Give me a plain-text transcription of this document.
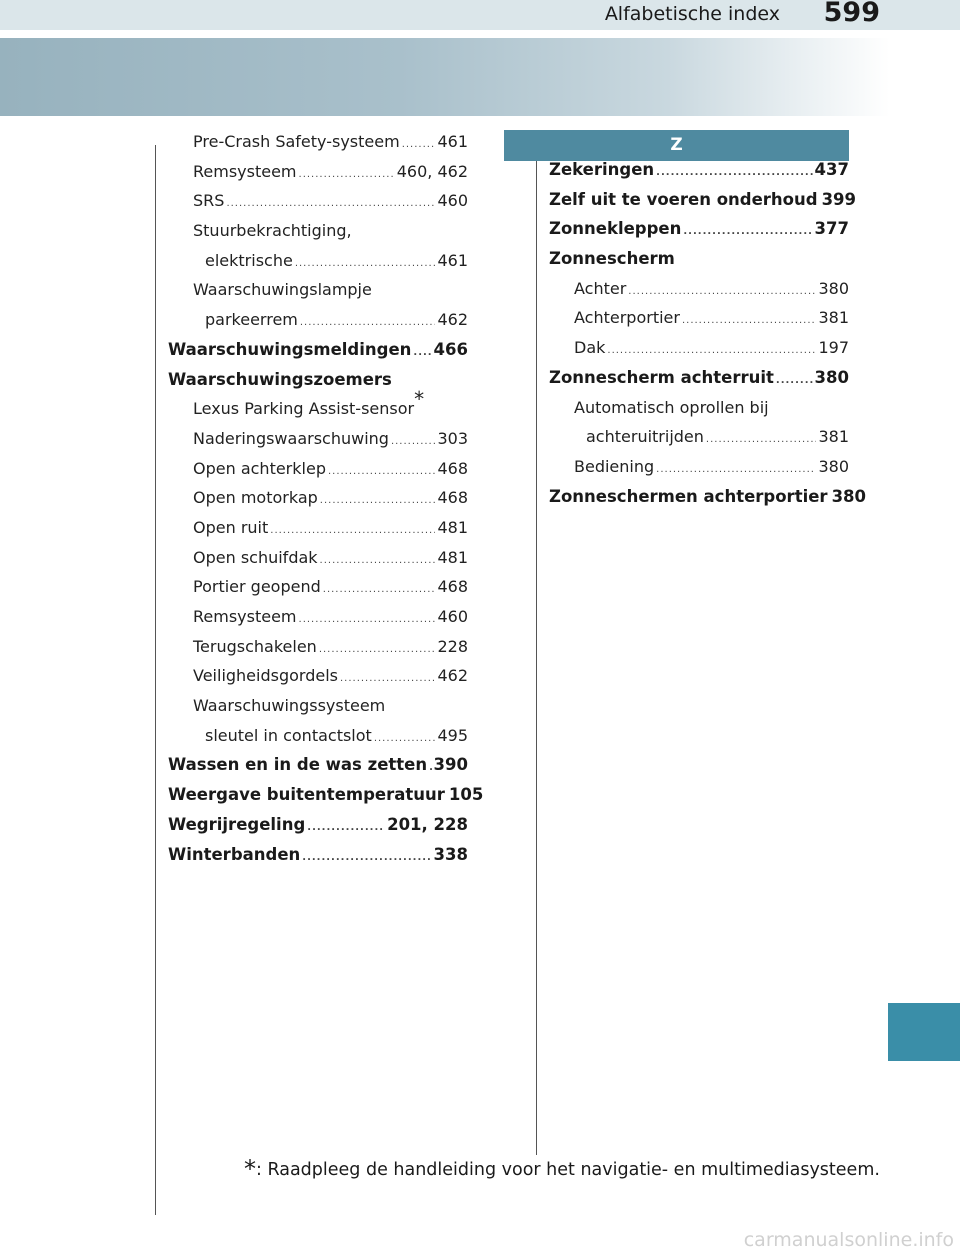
Alfabetische index 599
Z
Pre-Crash Safety-systeem ..... 461
Remsysteem .....	460, 462
SRS .....	460
Stuurbekrachtiging,
elektrische .....	461
Waarschuwingslampje
parkeerrem .....	462
Waarschuwingsmeldingen ..... 466
Waarschuwingszoemers
Lexus Parking Assist-sensor*
Naderingswaarschuwing .....	303
Open achterklep .....	468
Open motorkap .....	468
Open ruit .....	481
Open schuifdak .....	481
Portier geopend .....	468
Remsysteem .....	460
Terugschakelen .....	228
Veiligheidsgordels .....	462
Waarschuwingssysteem
sleutel in contactslot .....	495
Wassen en in de was zetten ..... 390
Weergave buitentemperatuur 105
Wegrijregeling .....	201, 228
Winterbanden .....	338
Zekeringen .....	437
Zelf uit te voeren onderhoud 399
Zonnekleppen .....	377
Zonnescherm
Achter .....	380
Achterportier .....	381
Dak .....	197
Zonnescherm achterruit ..... 380
Automatisch oprollen bij
achteruitrijden .....	381
Bediening .....	380
Zonneschermen achterportier 380
*: Raadpleeg de handleiding voor het navigatie- en multimediasysteem.
carmanualsonline.info
